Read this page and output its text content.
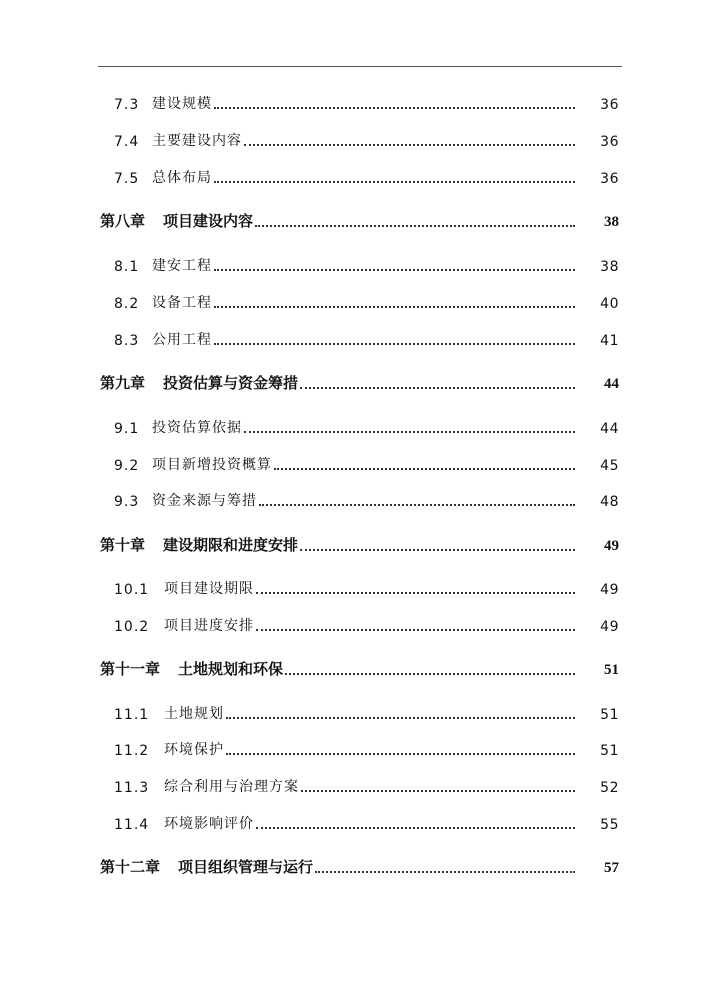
7.3 建设规模	36
7.4 主要建设内容	36
7.5 总体布局	36
第八章 项目建设内容	38
8.1 建安工程	38
8.2 设备工程	40
8.3 公用工程	41
第九章 投资估算与资金筹措	44
9.1 投资估算依据	44
9.2 项目新增投资概算	45
9.3 资金来源与筹措	48
第十章 建设期限和进度安排	49
10.1	项目建设期限	49
10.2	项目进度安排	49
第十一章 土地规划和环保	51
11.1	土地规划	51
11.2	环境保护	51
11.3	综合利用与治理方案	52
11.4	环境影响评价	55
第十二章 项目组织管理与运行	57
